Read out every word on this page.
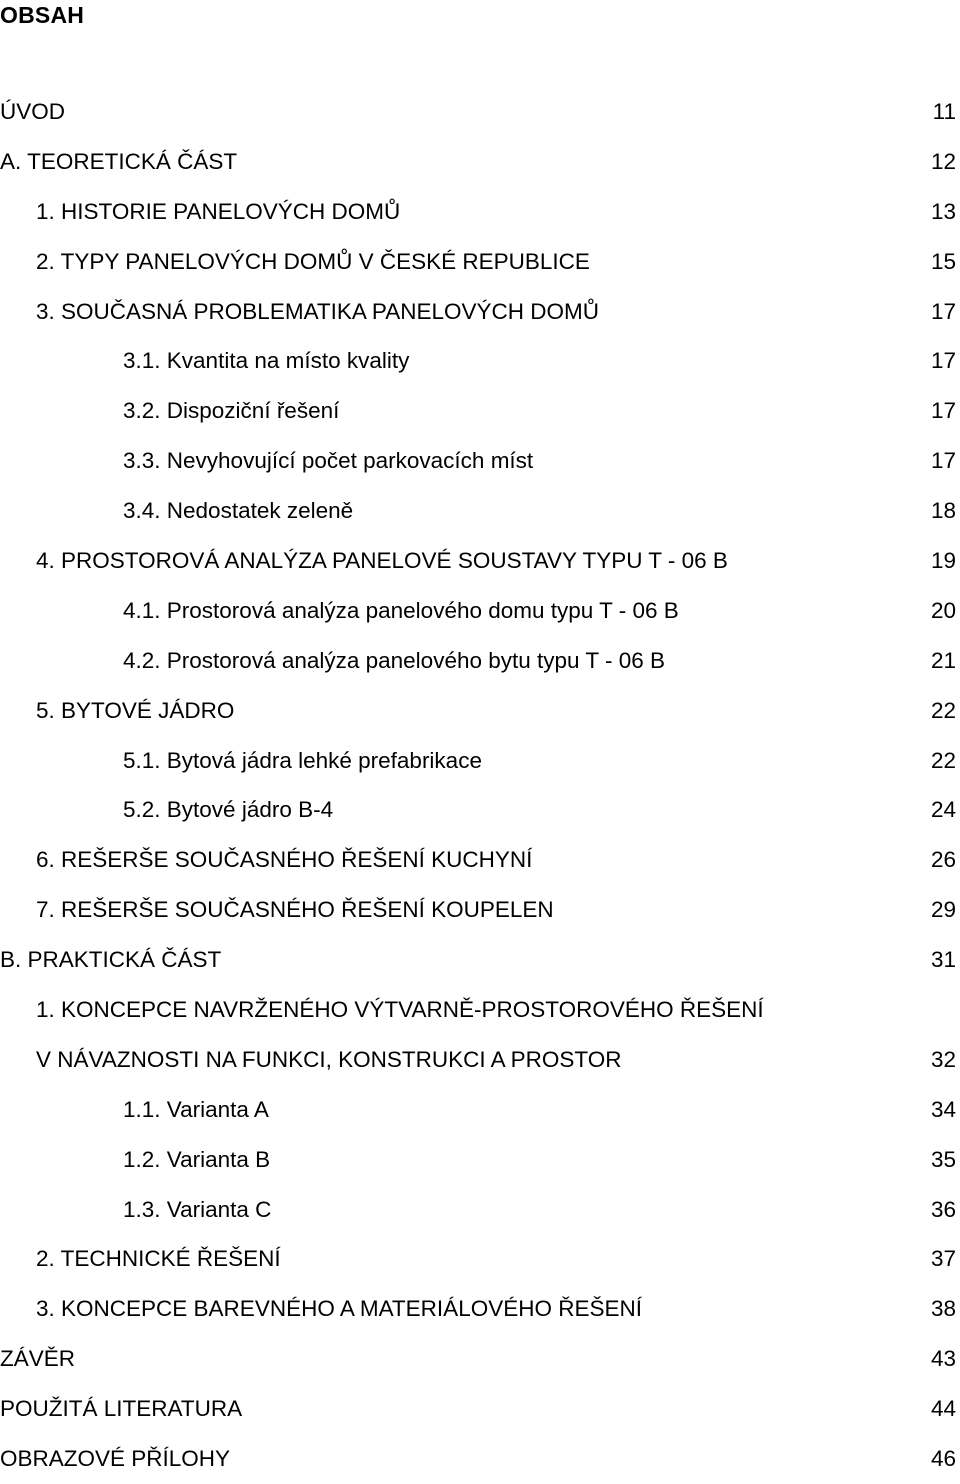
OBSAH
ÚVOD	11
A. TEORETICKÁ ČÁST	12
1. HISTORIE PANELOVÝCH DOMŮ	13
2. TYPY PANELOVÝCH DOMŮ V ČESKÉ REPUBLICE	15
3. SOUČASNÁ PROBLEMATIKA PANELOVÝCH DOMŮ	17
3.1. Kvantita na místo kvality	17
3.2. Dispoziční řešení	17
3.3. Nevyhovující počet parkovacích míst	17
3.4. Nedostatek zeleně	18
4. PROSTOROVÁ ANALÝZA PANELOVÉ SOUSTAVY TYPU T - 06 B	19
4.1. Prostorová analýza panelového domu typu T - 06 B	20
4.2. Prostorová analýza panelového bytu typu T - 06 B	21
5. BYTOVÉ JÁDRO	22
5.1. Bytová jádra lehké prefabrikace	22
5.2. Bytové jádro B-4	24
6. REŠERŠE SOUČASNÉHO ŘEŠENÍ KUCHYNÍ	26
7. REŠERŠE SOUČASNÉHO ŘEŠENÍ KOUPELEN	29
B. PRAKTICKÁ ČÁST	31
1. KONCEPCE NAVRŽENÉHO VÝTVARNĚ-PROSTOROVÉHO ŘEŠENÍ
V NÁVAZNOSTI NA FUNKCI, KONSTRUKCI A PROSTOR	32
1.1. Varianta A	34
1.2. Varianta B	35
1.3. Varianta C	36
2. TECHNICKÉ ŘEŠENÍ	37
3. KONCEPCE BAREVNÉHO A MATERIÁLOVÉHO ŘEŠENÍ	38
ZÁVĚR	43
POUŽITÁ LITERATURA	44
OBRAZOVÉ PŘÍLOHY	46
